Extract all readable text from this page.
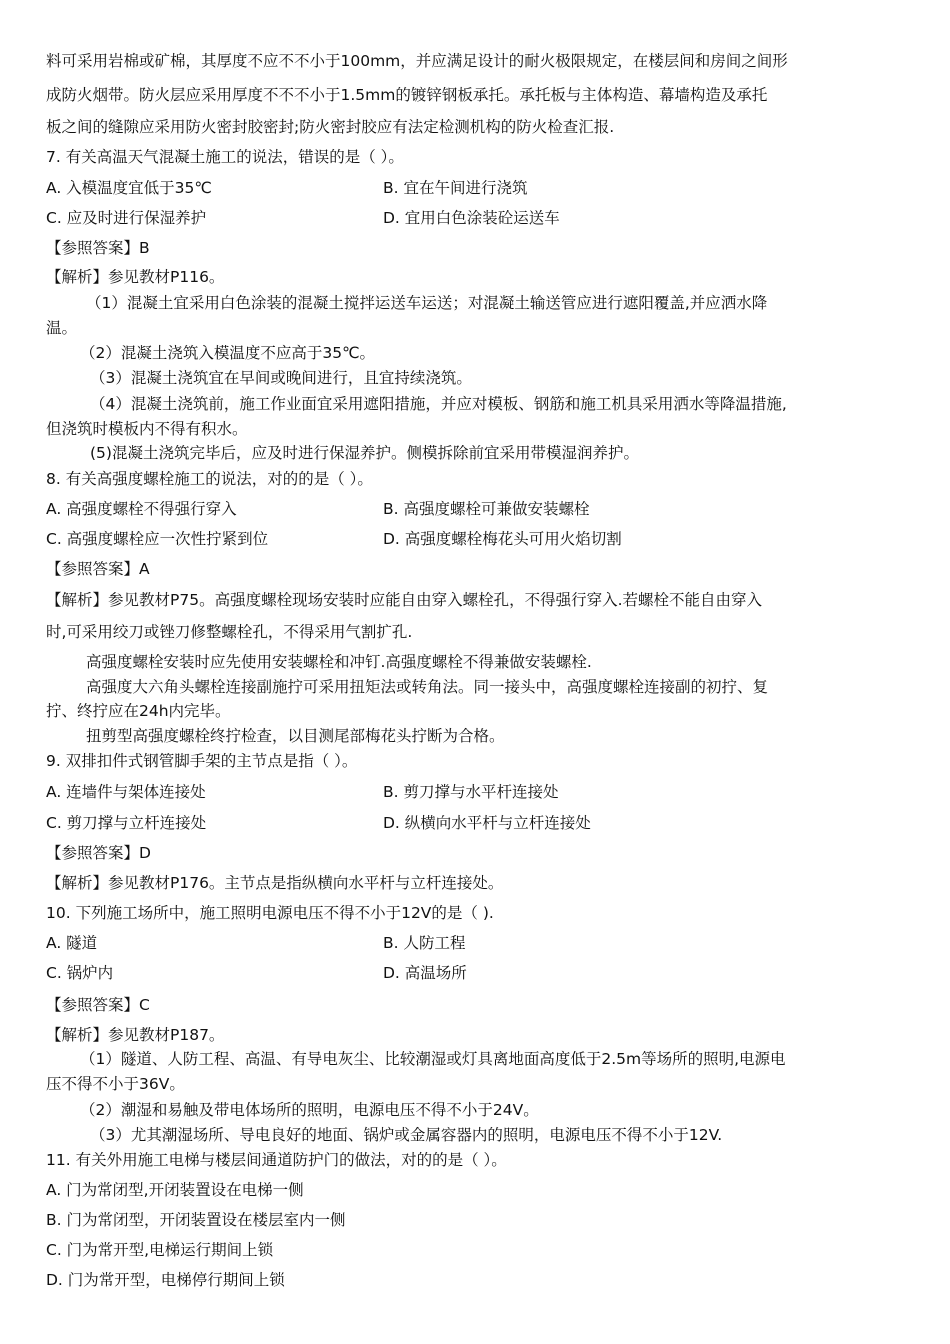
料可采用岩棉或矿棉，其厚度不应不不小于100mm，并应满足设计的耐火极限规定，在楼层间和房间之间形
成防火烟带。防火层应采用厚度不不不小于1.5mm的镀锌钢板承托。承托板与主体构造、幕墙构造及承托
板之间的缝隙应采用防火密封胶密封;防火密封胶应有法定检测机构的防火检查汇报.
7. 有关高温天气混凝土施工的说法，错误的是（ ）。
A. 入模温度宜低于35℃	B. 宜在午间进行浇筑
C. 应及时进行保湿养护	D. 宜用白色涂装砼运送车
【参照答案】B
【解析】参见教材P116。
（1）混凝土宜采用白色涂装的混凝土搅拌运送车运送；对混凝土输送管应进行遮阳覆盖,并应洒水降
温。
（2）混凝土浇筑入模温度不应高于35℃。
（3）混凝土浇筑宜在早间或晚间进行，且宜持续浇筑。
（4）混凝土浇筑前，施工作业面宜采用遮阳措施，并应对模板、钢筋和施工机具采用洒水等降温措施,
但浇筑时模板内不得有积水。
(5)混凝土浇筑完毕后，应及时进行保湿养护。侧模拆除前宜采用带模湿润养护。
8. 有关高强度螺栓施工的说法，对的的是（ ）。
A. 高强度螺栓不得强行穿入	B. 高强度螺栓可兼做安装螺栓
C. 高强度螺栓应一次性拧紧到位	D. 高强度螺栓梅花头可用火焰切割
【参照答案】A
【解析】参见教材P75。高强度螺栓现场安装时应能自由穿入螺栓孔，不得强行穿入.若螺栓不能自由穿入
时,可采用绞刀或锉刀修整螺栓孔，不得采用气割扩孔.
高强度螺栓安装时应先使用安装螺栓和冲钉.高强度螺栓不得兼做安装螺栓.
高强度大六角头螺栓连接副施拧可采用扭矩法或转角法。同一接头中，高强度螺栓连接副的初拧、复
拧、终拧应在24h内完毕。
扭剪型高强度螺栓终拧检查，以目测尾部梅花头拧断为合格。
9. 双排扣件式钢管脚手架的主节点是指（ ）。
A. 连墙件与架体连接处	B. 剪刀撑与水平杆连接处
C. 剪刀撑与立杆连接处	D. 纵横向水平杆与立杆连接处
【参照答案】D
【解析】参见教材P176。主节点是指纵横向水平杆与立杆连接处。
10. 下列施工场所中，施工照明电源电压不得不小于12V的是（ ).
A. 隧道	B. 人防工程
C. 锅炉内	D. 高温场所
【参照答案】C
【解析】参见教材P187。
（1）隧道、人防工程、高温、有导电灰尘、比较潮湿或灯具离地面高度低于2.5m等场所的照明,电源电
压不得不小于36V。
（2）潮湿和易触及带电体场所的照明，电源电压不得不小于24V。
（3）尤其潮湿场所、导电良好的地面、锅炉或金属容器内的照明，电源电压不得不小于12V.
11. 有关外用施工电梯与楼层间通道防护门的做法，对的的是（ ）。
A. 门为常闭型,开闭装置设在电梯一侧
B. 门为常闭型，开闭装置设在楼层室内一侧
C. 门为常开型,电梯运行期间上锁
D. 门为常开型，电梯停行期间上锁
